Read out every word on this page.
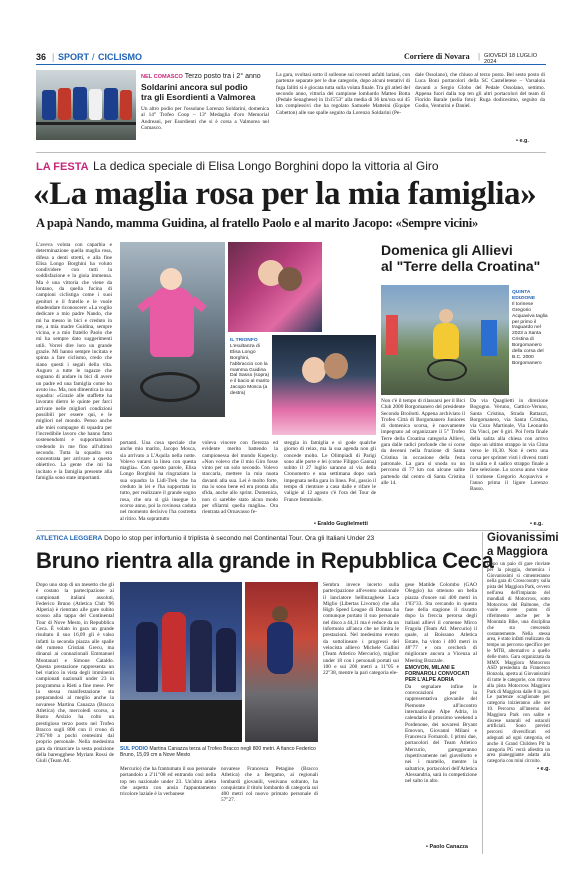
36 | SPORT / CICLISMO	Corriere di Novara | GIOVEDÌ 18 LUGLIO 2024
NEL COMASCO Terzo posto tra i 2° anno
Soldarini ancora sul podio
tra gli Esordienti a Valmorea
Un altro podio per l'ossolano Lorenzo Soldarini, domenica al 14° Trofeo Coop – 13ª Medaglia d'oro Memorial Andreani, per Esordienti che si è corsa a Valmorea nel Comasco.
La gara, svoltasi sotto il solleone sui roventi asfalti lariani, con partenze separate per le due categorie, dopo alcuni tentativi di fuga falliti si è giocata tutta sulla volata finale. Tra gli atleti del secondo anno, vittoria del campione lombardo Matteo Botta (Pedale Senaghese) in 1h15'53" alla media di 36 km/ora sui 45 km complessivi che ha regolato Samuele Matteini (Equipe Cobetton) alle sue spalle seguito da Lorenzo Soldarini (Pe-
dale Ossolano), che chiuso al terzo posto. Bel sesto posto di Luca Boni portacolori della SC Castelletese – Varsaloia davanti a Sergio Globo del Pedale Ossolano, settimo. Appena fuori dalla top ten gli altri portacolori del team di Fiorido Barale (nella foto): Ruga dodicesimo, seguito da Godio, Venturini e Daniel.
• e.g.
LA FESTA La dedica speciale di Elisa Longo Borghini dopo la vittoria al Giro
«La maglia rosa per la mia famiglia»
A papà Nando, mamma Guidina, al fratello Paolo e al marito Jacopo: «Sempre vicini»
L'aveva voluta con caparbia e determinazione quella maglia rosa, difesa a denti stretti, e alla fine Elisa Longo Borghini ha voluto condividere con tutti la soddisfazione e la gioia immensa. Ma è una vittoria che viene da lontano, da quella fucina di campioni ciclistiga come i suoi genitori e il fratello e le vuole ebadendare riconoscere: «La voglio dedicare a mio padre Nando, che mi ha messo in bici e creduto in me, a mia madre Guidina, sempre vicina, e a mio fratello Paolo che mi ha sempre dato suggerimenti utili. Vorrei dire loro un grande grazie. Mi hanno sempre incitata e spinta a fare ciclismo, credo che siano questi i segali della vita. Auguro a tutte le ragazze che sognano di andare in bici di avere un padre ed una famiglia come ho avuto io». Ma, non dimentica la sua squadra: «Grazie alle staffette ha lavorato dietro le quinte per farci arrivare nelle migliori condizioni possibili per essere qui, e le migliori nel mondo. Penso anche alle miei compagne di squadra per l'incredibile lavoro che hanno fatto sostenendomi e supportandomi credendo in me fino all'ultimo secondo. Tutta la squadra era concentrata per arrivare a questo obiettivo. La gente che mi ha incitato e la famiglia presente alla famiglia sono state importanti.
IL TRIONFO
L'esultanza di Elisa Longo Borghini, l'abbraccio con la mamma Guidina Dal Sasso (sopra) e il bacio al marito Jacopo Mosca (a destra)
portanti. Una cosa speciale che anche mio marito, Jacopo Mosca, sia arrivato a L'Aquila nella notte. Volevo vararsi la linea con questa maglia». Con questo parole, Elisa Longo Borghini ha ringraziato la sua squadra la Lidl-Trek che ha creduto in lei e l'ha supportata in tutto, per realizzare il grande sogno rosa, che ora si già insegue lo scorso anno, poi la rovinosa caduta nel momento decisivo l'ha costretta al ritiro. Ma soprattutto
voleva vincere con fierezza ed evidente merito battendo la campionessa del mondo Kopecky. «Non volevo che il mio Giro fosse vinto per un solo secondo. Volevo staccarla, mettere la mia nuota davanti alla sua. Lei è molto forte, ma io sono bene ed era pronta alla sfida, anche allo sprint. Domenica, non ci sarebbe stato alcun modo per sfilarmi quella maglia». Ora rientrata ad Ornavasso fe-
steggia in famiglia e si gode qualche giorno di relax, ma la sua agenda non gli concede molto. Le Olimpiadi di Parigi sono alle porte e lei (come Filippo Ganna) subito il 27 luglio saranno al via della Cronometro e una settimana dopo sarà impegnata nella gara in linea. Poi, gassio il tempo di rientrare a casa dalle e rifare le valigie al 12 agosto c'è l'ora del Tour de France femminile.
• Eraldo Guglielmetti
Domenica gli Allievi
al "Terre della Croatina"
QUINTA EDIZIONE
Il torinese Gregorio Acquaviva taglia per primo il traguardo nel 2023 a Santa Cristina di Borgomanero della corsa del B.C. 2000 Borgomanero
Non c'è il tempo di rilassarsi per il Bici Club 2000 Borgomanero del presidente Secondo Broilotti. Appena archiviato il Trofeo Città di Borgomanero Juniores di domenica scorsa, è nuovamente impegnato ad organizzare il 5° Trofeo Terre della Croatina categoria Allievi, gara dalle radici profonde che si corse da decenni nella frazione di Santa Cristina in occasione della festa patronale. La gara si snoda su un percorso di 77 km con alcune salite partendo dal centro di Santa Cristina alle 14.
Da via Quaglietti in direzione Bogogno. Veruno, Gattico-Veruno, Santa Cristina, Strada Rattazzi, Borgomanero, via Santa Cristina, via Cozo Martinale, Via Leonardo Da Vinci, per 6 giri. Poi l'erta finale della salita alla chiesa con arrivo dopo un ultimo strappo in via Cima verso le 16,30. Non è certo una corsa per sprinter visti i diversi tratti in salita e il sadico strappo finale a fare selezione. Lo scorso anno vinse il torinese Gregorio Acquaviva e l'anno prima il ligure Lorenzo Basso.
• e.g.
ATLETICA LEGGERA Dopo lo stop per infortunio il triplista è secondo nel Continental Tour. Ora gli Italiani Under 23
Bruno rientra alla grande in Repubblica Ceca
Dopo uno stop di un mesetto che gli è costato la partecipazione ai campionati italiani assoluti, Federico Bruno (Atletica Club '96 Alperia) è rientrato alle gare subito scosso alla tappa del Continental Tour di Nove Mesto, in Repubblica Ceca. È volato in gara un grande risultato il suo 16,09 gli è valso infatti la seconda piazza alle spalle del rumeno Cristian Grecu, ma dinanzi ai connazionali Emmanuel Montanari e Simone Cataldo. Questa prestazione rappresenta un bel viatico in vista degli imminenti campionati nazionali under 23 in programma a Rieti a fine mese. Per la stessa manifestazione sta preparandosi al meglio anche la novarese Martina Canazza (Bracco Atletica) che, mercoledì scorso, a Busto Arsizio ha colto un prestigioso terzo posto nel Trofeo Bracco sugli 800 con il crono di 2'05"80 a pochi centesimi dal proprio personale. Nella medesima gara da rimarcare la sesta posizione della barengghese Myriam Rossi de Giuli (Team Atl.
SUL PODIO Martina Canazza terza al Trofeo Bracco negli 800 metri. A fianco Federico Bruno, 15,09 cm a Nove Mesto
Mercurio) che ha frantumato il suo personale portandolo a 2'11"08 ed entrando così nella top ten nazionale under 23. Un'altra atleta che aspetta con ansia l'appuntamento tricolore laziale è la verbanese
novarese Francesca Petagine (Bracco Atletica) che a Bergamo, ai regionali lombardi giovanili, venivano soltanto, ha conquistato il titolo lombardo di categoria sui 400 metri col nuovo primato personale di 57"27.
Sembra invece incerto sulla partecipazione all'evento nazionale il lanciatore bellinzaghese Luca Miglio (Libertas Livorno) che alla High Speed League di Donnas ha comunque portato il suo personale nel disco a 44,11 ma è reduce da un infortunio all'anca che ne limita le prestazioni. Nel medesimo evento da sottolineare i progressi del velocista allievo Michele Gallini (Team Atletico Mercurio), miglior under 18 con i personali portati sui 100 e sui 200 metri a 11"05 e 22"38, mentre la pari categoria ele-
gese Matilde Colombo (GAO Oleggio) ha ottenuto un bella piazza d'onore sui 400 metri in 1'03"33. Sta cercando in questa fase della stagione il riscatto dopo la freccia perorsa degli italiani allievi il comense Mirco Fragola (Team Atl. Mercurio) il quale, al Boissano Atletica Estate, ha vinto i 400 metri in 48"77 e ora cercherà di migliorare ancora a Vicenza al Meeting Brazzale.
EMOVON, MILANI E FORNAROLI CONVOCATI PER L'ALPE ADRIA
Da segnalare infine le convocazioni per la rappresentativa giovanile del Piemonte all'incontro internazionale Alpe Adria, in calendario il prossimo weekend a Pordenone, dei novaresi Bryant Emovon, Giovanni Milani e Francesca Fornaroli. I primi due, portacolori del Team Atletico Mercurio, gareggeranno rispettivamente nel giavellotto e nei i martello, mentre la saltatrice, portacolori dell'Atletica Alessandria, sarà in competizione nel salto in alto.
• Paolo Canazza
Giovanissimi
a Maggiora
Dopo un paio di gare rinviate per la pioggia, domenica i Giovanissimi si cimenteranno nella gara di Crosscountry sulla pista del Maggiora Park, ovvero nell'area dell'impianto del mondiali di Motocross, sotto Motocross del Balmone, che vuole avere punto di riferimento anche per le Mountain Bike, una disciplina che sta crescendo costantemente. Nella stessa area, è stato infatti realizzato da tempo un percorso specifico per le MTB, alternativo a quello delle moto. Gara organizzata da MMX Maggiora Motocross ASD presieduta da Francesco Bonzola, aperta ai Giovanissimi di tutte le categorie, con ritrovo alla pista Motocross Maggiora Park di Maggiora dalle 8 in poi. Le partenze scaglionate per categoria inizieranno alle ore 10. Percorso all'interno del Maggiora Park con salite e discese naturali ed ostacoli artificiali. Sono previsti percorsi diversificati ed adeguati ad ogni categoria, ed anche il Grand Children Pit la categoria PG verrà allestita un area pianeggiante adatta alla categoria con mini circuito.
• e.g.
